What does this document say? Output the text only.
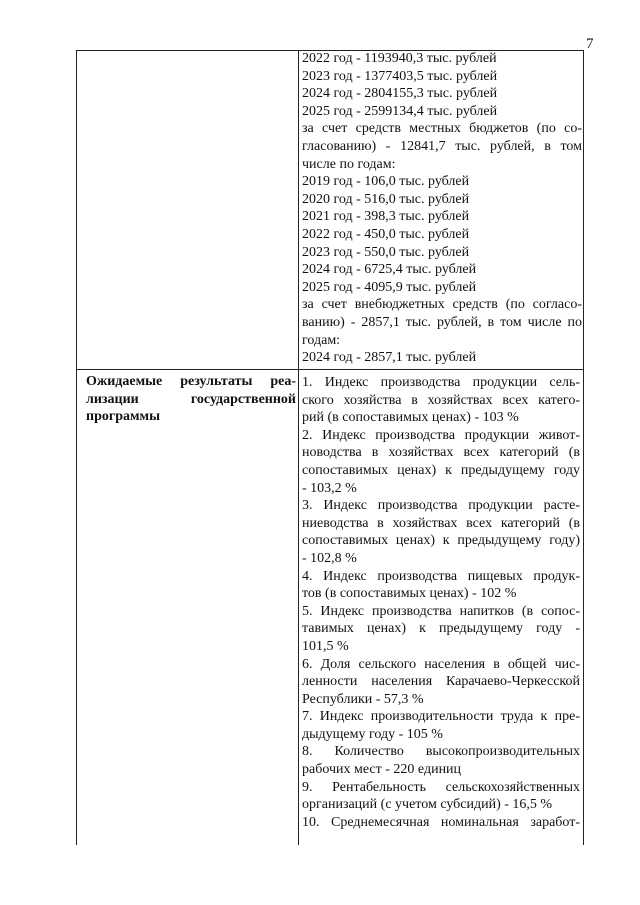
7
2022 год - 1193940,3 тыс. рублей
2023 год - 1377403,5 тыс. рублей
2024 год - 2804155,3 тыс. рублей
2025 год - 2599134,4 тыс. рублей
за счет средств местных бюджетов (по со-
гласованию) - 12841,7 тыс. рублей, в том
числе по годам:
2019 год - 106,0 тыс. рублей
2020 год - 516,0 тыс. рублей
2021 год - 398,3 тыс. рублей
2022 год - 450,0 тыс. рублей
2023 год - 550,0 тыс. рублей
2024 год - 6725,4 тыс. рублей
2025 год - 4095,9 тыс. рублей
за счет внебюджетных средств (по согласо-
ванию) - 2857,1 тыс. рублей, в том числе по
годам:
2024 год - 2857,1 тыс. рублей
Ожидаемые результаты реа-
лизации государственной
программы
1. Индекс производства продукции сель-
ского хозяйства в хозяйствах всех катего-
рий (в сопоставимых ценах) - 103 %
2. Индекс производства продукции живот-
новодства в хозяйствах всех категорий (в
сопоставимых ценах) к предыдущему году
- 103,2 %
3. Индекс производства продукции расте-
ниеводства в хозяйствах всех категорий (в
сопоставимых ценах) к предыдущему году)
- 102,8 %
4. Индекс производства пищевых продук-
тов (в сопоставимых ценах) - 102 %
5. Индекс производства напитков (в сопос-
тавимых ценах) к предыдущему году -
101,5 %
6. Доля сельского населения в общей чис-
ленности населения Карачаево-Черкесской
Республики - 57,3 %
7. Индекс производительности труда к пре-
дыдущему году - 105 %
8. Количество высокопроизводительных
рабочих мест - 220 единиц
9. Рентабельность сельскохозяйственных
организаций (с учетом субсидий) - 16,5 %
10. Среднемесячная номинальная заработ-
